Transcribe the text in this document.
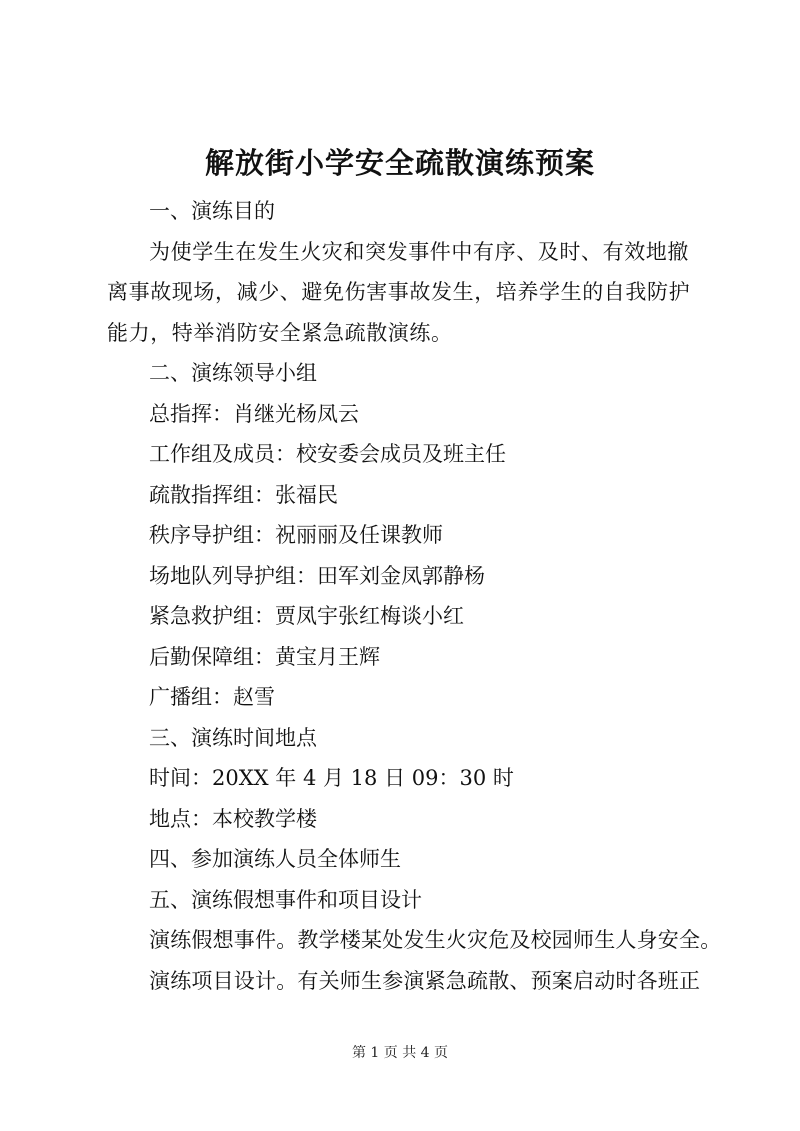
解放街小学安全疏散演练预案

一、演练目的

为使学生在发生火灾和突发事件中有序、及时、有效地撤离事故现场，减少、避免伤害事故发生，培养学生的自我防护能力，特举消防安全紧急疏散演练。

二、演练领导小组

总指挥：肖继光杨凤云

工作组及成员：校安委会成员及班主任

疏散指挥组：张福民

秩序导护组：祝丽丽及任课教师

场地队列导护组：田军刘金凤郭静杨

紧急救护组：贾凤宇张红梅谈小红

后勤保障组：黄宝月王辉

广播组：赵雪

三、演练时间地点

时间：20XX 年 4 月 18 日 09：30 时

地点：本校教学楼

四、参加演练人员全体师生

五、演练假想事件和项目设计

演练假想事件。教学楼某处发生火灾危及校园师生人身安全。

演练项目设计。有关师生参演紧急疏散、预案启动时各班正

第 1 页 共 4 页
